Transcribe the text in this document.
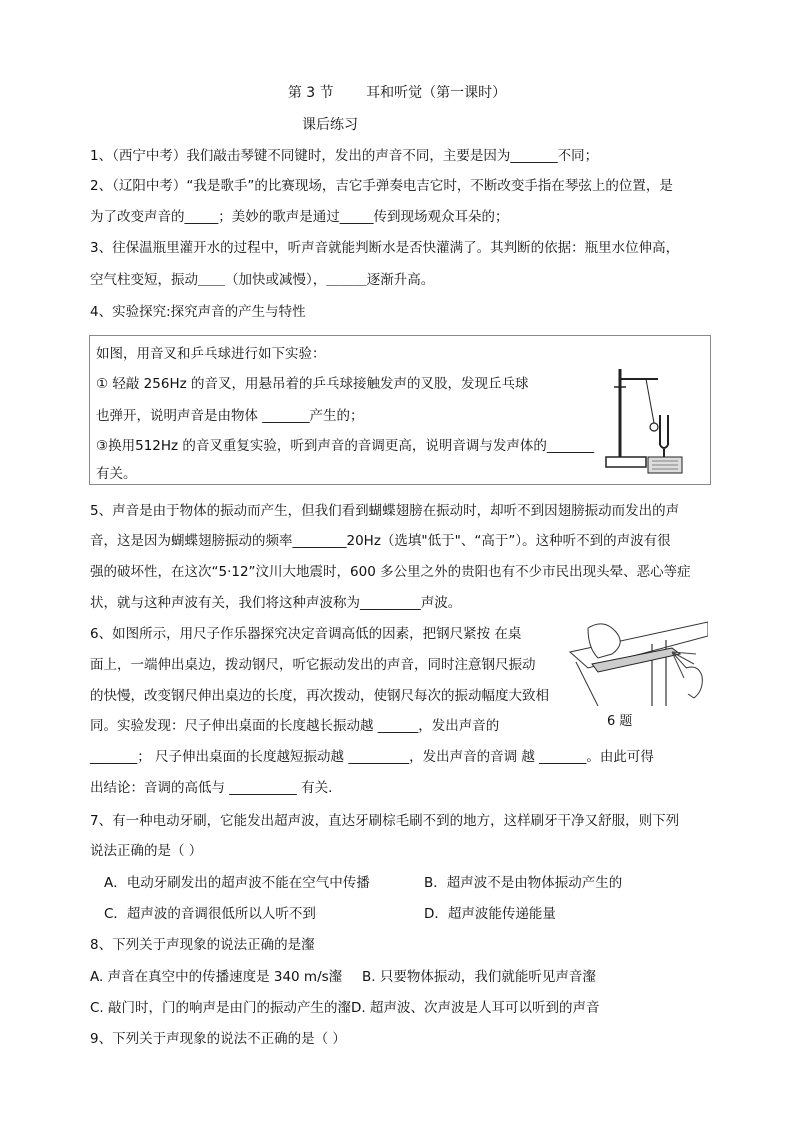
第 3 节 耳和听觉（第一课时）
课后练习
1、（西宁中考）我们敲击琴键不同键时，发出的声音不同，主要是因为_______不同；
2、（辽阳中考）“我是歌手”的比赛现场，吉它手弹奏电吉它时，不断改变手指在琴弦上的位置，是
为了改变声音的_____；美妙的歌声是通过_____传到现场观众耳朵的；
3、往保温瓶里灌开水的过程中，听声音就能判断水是否快灌满了。其判断的依据：瓶里水位伸高，
空气柱变短，振动＿＿（加快或减慢），＿＿＿逐渐升高。
4、实验探究:探究声音的产生与特性
如图，用音叉和乒乓球进行如下实验：
① 轻敲 256Hz 的音叉，用悬吊着的乒乓球接触发声的叉股，发现丘乓球
也弹开，说明声音是由物体 _______产生的；
③换用512Hz 的音叉重复实验，听到声音的音调更高，说明音调与发声体的_______
有关。
5、声音是由于物体的振动而产生，但我们看到蝴蝶翅膀在振动时，却听不到因翅膀振动而发出的声
音，这是因为蝴蝶翅膀振动的频率________20Hz（选填"低于"、“高于”）。这种听不到的声波有很
强的破坏性，在这次“5·12”汶川大地震时，600 多公里之外的贵阳也有不少市民出现头晕、恶心等症
状，就与这种声波有关，我们将这种声波称为_________声波。
6、如图所示，用尺子作乐器探究决定音调高低的因素，把钢尺紧按 在桌
面上，一端伸出桌边，拨动钢尺，听它振动发出的声音，同时注意钢尺振动
的快慢，改变钢尺伸出桌边的长度，再次拨动，使钢尺每次的振动幅度大致相
同。实验发现：尺子伸出桌面的长度越长振动越 ______，发出声音的
_______； 尺子伸出桌面的长度越短振动越 _________，发出声音的音调 越 _______。由此可得
出结论：音调的高低与 __________ 有关.
6 题
7、有一种电动牙刷，它能发出超声波，直达牙刷棕毛刷不到的地方，这样刷牙干净又舒服，则下列
说法正确的是（ ）
A．电动牙刷发出的超声波不能在空气中传播	B．超声波不是由物体振动产生的
C．超声波的音调很低所以人听不到	D．超声波能传递能量
8、下列关于声现象的说法正确的是瀣
A. 声音在真空中的传播速度是 340 m/s瀣 B. 只要物体振动，我们就能听见声音瀣
C. 敲门时，门的响声是由门的振动产生的瀣D. 超声波、次声波是人耳可以听到的声音
9、下列关于声现象的说法不正确的是（ ）
